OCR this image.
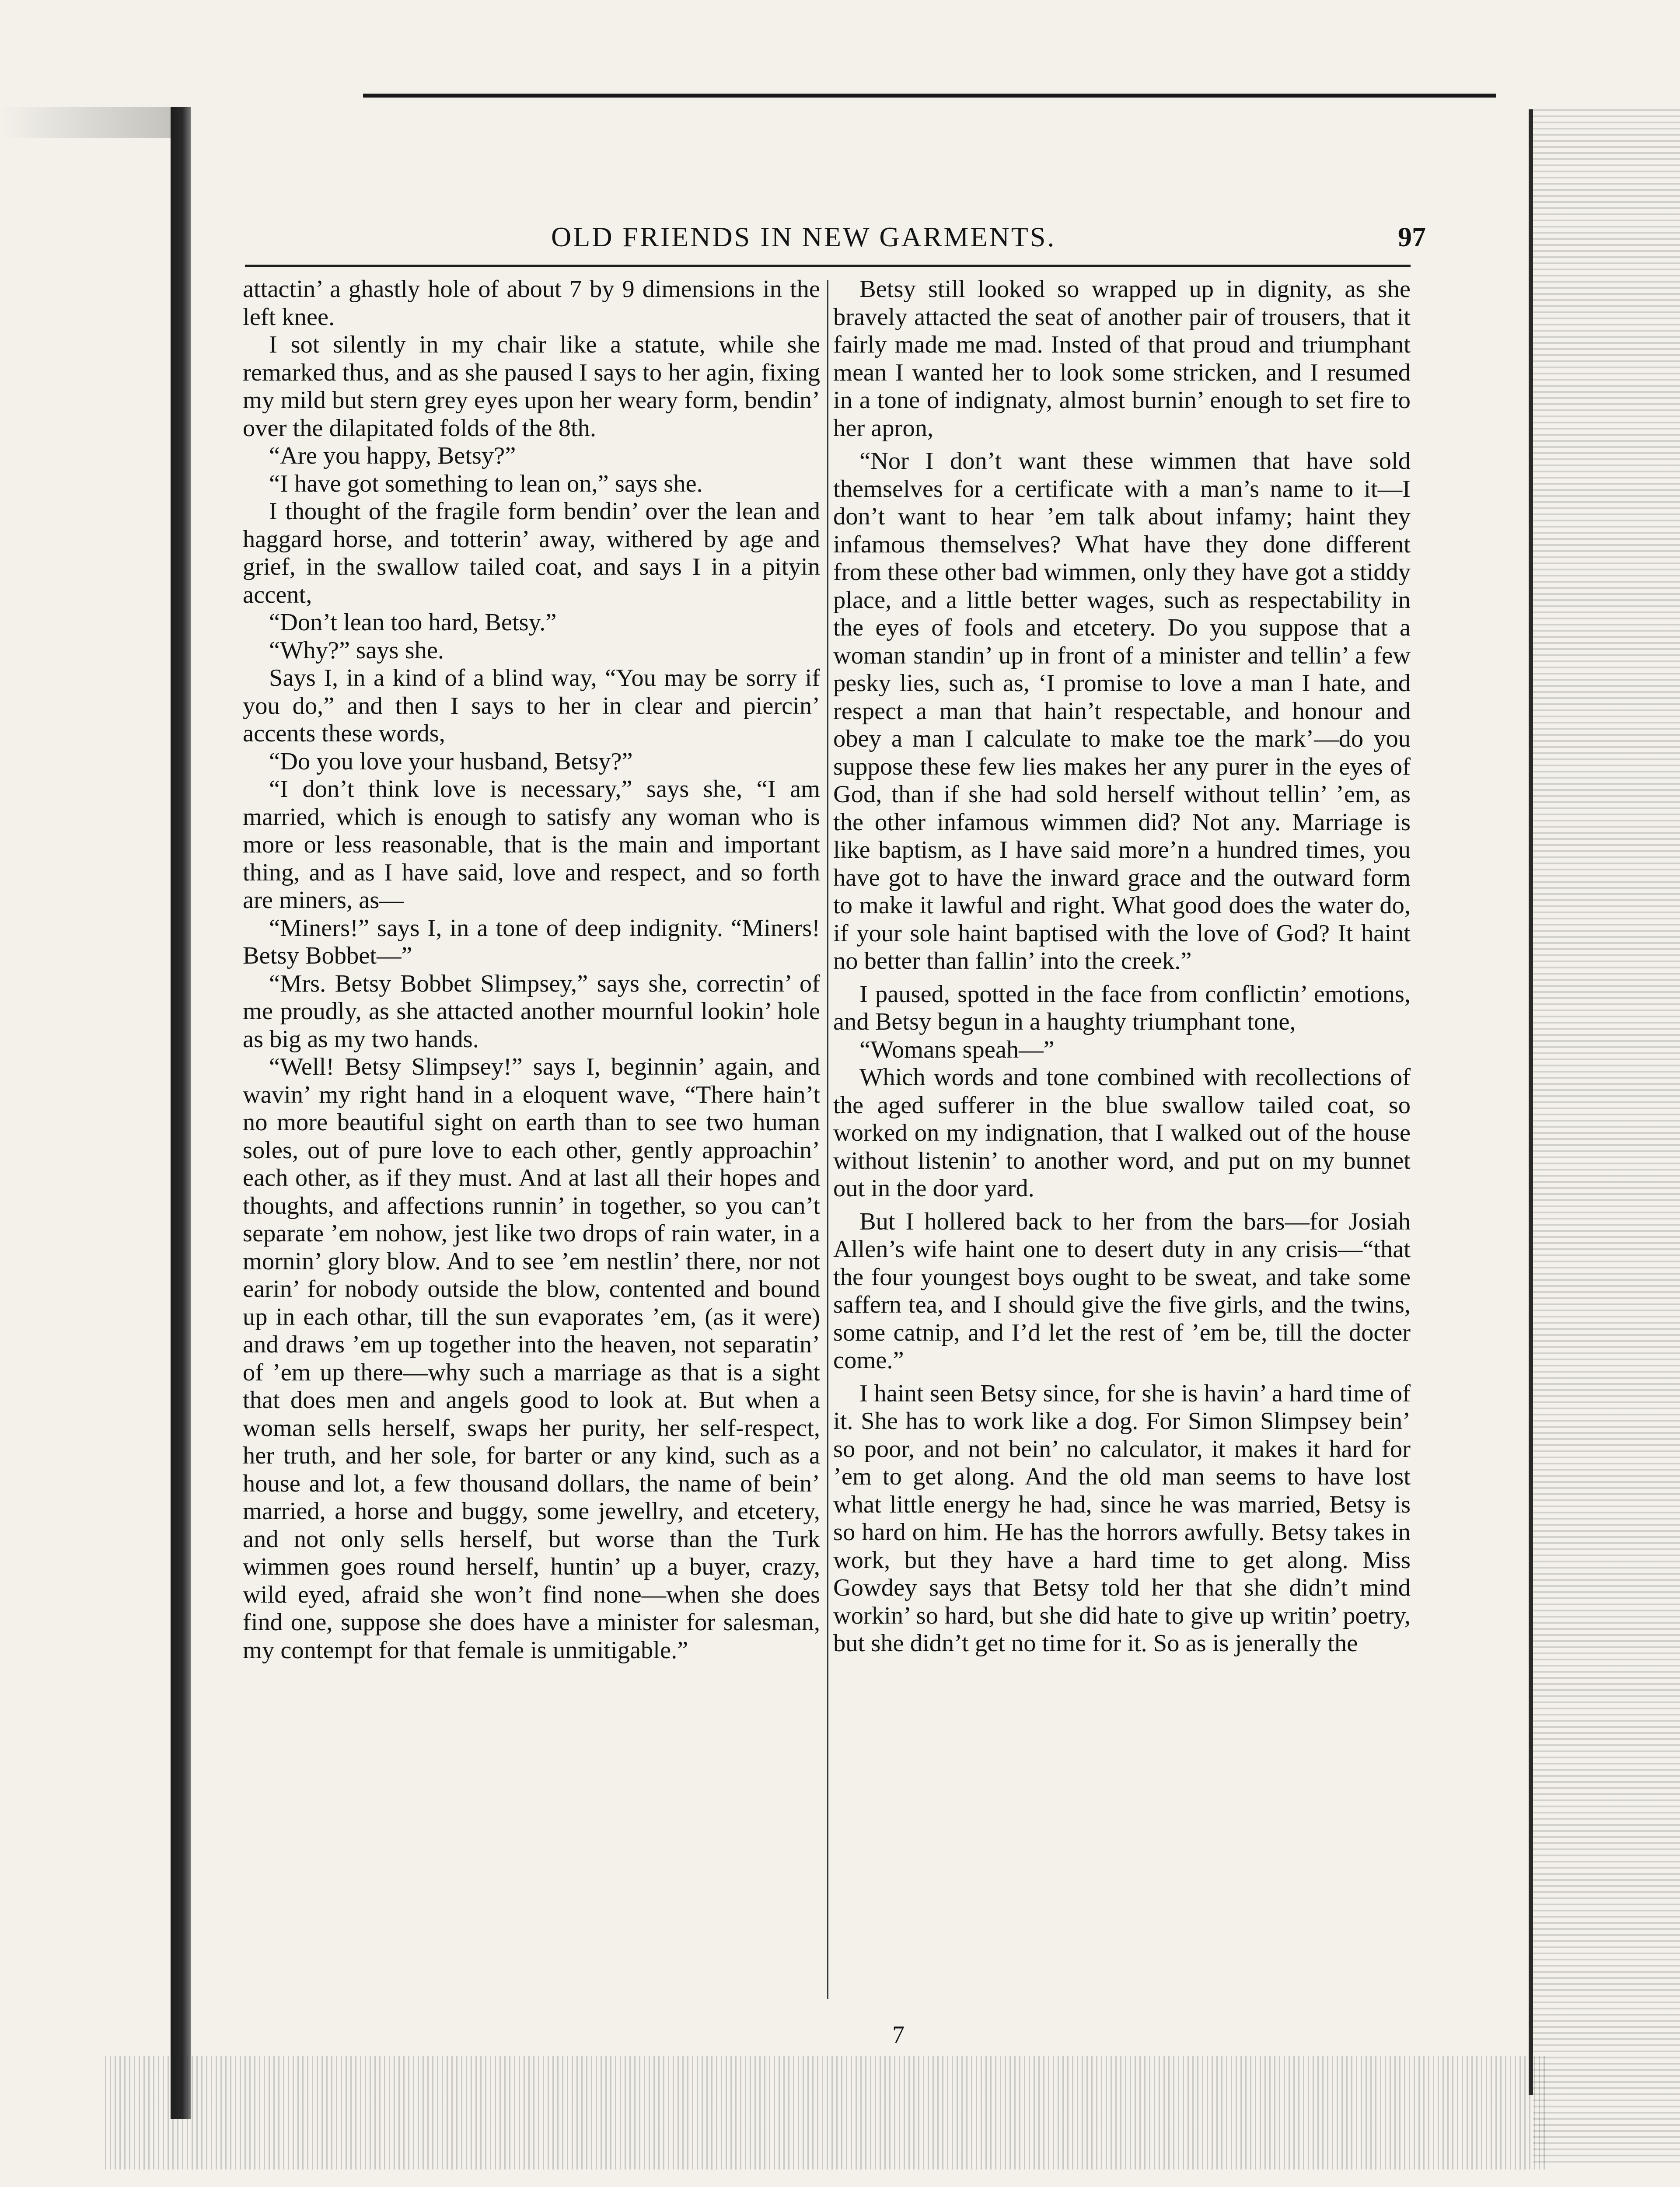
OLD FRIENDS IN NEW GARMENTS.	97

attactin’ a ghastly hole of about 7 by 9 dimensions in the left knee.

I sot silently in my chair like a statute, while she remarked thus, and as she paused I says to her agin, fixing my mild but stern grey eyes upon her weary form, bendin’ over the dilapitated folds of the 8th.

“Are you happy, Betsy?”

“I have got something to lean on,” says she.

I thought of the fragile form bendin’ over the lean and haggard horse, and totterin’ away, withered by age and grief, in the swallow tailed coat, and says I in a pityin accent,

“Don’t lean too hard, Betsy.”

“Why?” says she.

Says I, in a kind of a blind way, “You may be sorry if you do,” and then I says to her in clear and piercin’ accents these words,

“Do you love your husband, Betsy?”

“I don’t think love is necessary,” says she, “I am married, which is enough to satisfy any woman who is more or less reasonable, that is the main and important thing, and as I have said, love and respect, and so forth are miners, as—

“Miners!” says I, in a tone of deep indignity. “Miners! Betsy Bobbet—”

“Mrs. Betsy Bobbet Slimpsey,” says she, correctin’ of me proudly, as she attacted another mournful lookin’ hole as big as my two hands.

“Well! Betsy Slimpsey!” says I, beginnin’ again, and wavin’ my right hand in a eloquent wave, “There hain’t no more beautiful sight on earth than to see two human soles, out of pure love to each other, gently approachin’ each other, as if they must. And at last all their hopes and thoughts, and affections runnin’ in together, so you can’t separate ’em nohow, jest like two drops of rain water, in a mornin’ glory blow. And to see ’em nestlin’ there, nor not earin’ for nobody outside the blow, contented and bound up in each othar, till the sun evaporates ’em, (as it were) and draws ’em up together into the heaven, not separatin’ of ’em up there—why such a marriage as that is a sight that does men and angels good to look at. But when a woman sells herself, swaps her purity, her self-respect, her truth, and her sole, for barter or any kind, such as a house and lot, a few thousand dollars, the name of bein’ married, a horse and buggy, some jewellry, and etcetery, and not only sells herself, but worse than the Turk wimmen goes round herself, huntin’ up a buyer, crazy, wild eyed, afraid she won’t find none—when she does find one, suppose she does have a minister for salesman, my contempt for that female is unmitigable.”

Betsy still looked so wrapped up in dignity, as she bravely attacted the seat of another pair of trousers, that it fairly made me mad. Insted of that proud and triumphant mean I wanted her to look some stricken, and I resumed in a tone of indignaty, almost burnin’ enough to set fire to her apron,

“Nor I don’t want these wimmen that have sold themselves for a certificate with a man’s name to it—I don’t want to hear ’em talk about infamy; haint they infamous themselves? What have they done different from these other bad wimmen, only they have got a stiddy place, and a little better wages, such as respectability in the eyes of fools and etcetery. Do you suppose that a woman standin’ up in front of a minister and tellin’ a few pesky lies, such as, ‘I promise to love a man I hate, and respect a man that hain’t respectable, and honour and obey a man I calculate to make toe the mark’—do you suppose these few lies makes her any purer in the eyes of God, than if she had sold herself without tellin’ ’em, as the other infamous wimmen did? Not any. Marriage is like baptism, as I have said more’n a hundred times, you have got to have the inward grace and the outward form to make it lawful and right. What good does the water do, if your sole haint baptised with the love of God? It haint no better than fallin’ into the creek.”

I paused, spotted in the face from conflictin’ emotions, and Betsy begun in a haughty triumphant tone,

“Womans speah—”

Which words and tone combined with recollections of the aged sufferer in the blue swallow tailed coat, so worked on my indignation, that I walked out of the house without listenin’ to another word, and put on my bunnet out in the door yard.

But I hollered back to her from the bars—for Josiah Allen’s wife haint one to desert duty in any crisis—“that the four youngest boys ought to be sweat, and take some saffern tea, and I should give the five girls, and the twins, some catnip, and I’d let the rest of ’em be, till the docter come.”

I haint seen Betsy since, for she is havin’ a hard time of it. She has to work like a dog. For Simon Slimpsey bein’ so poor, and not bein’ no calculator, it makes it hard for ’em to get along. And the old man seems to have lost what little energy he had, since he was married, Betsy is so hard on him. He has the horrors awfully. Betsy takes in work, but they have a hard time to get along. Miss Gowdey says that Betsy told her that she didn’t mind workin’ so hard, but she did hate to give up writin’ poetry, but she didn’t get no time for it. So as is jenerally the

7
